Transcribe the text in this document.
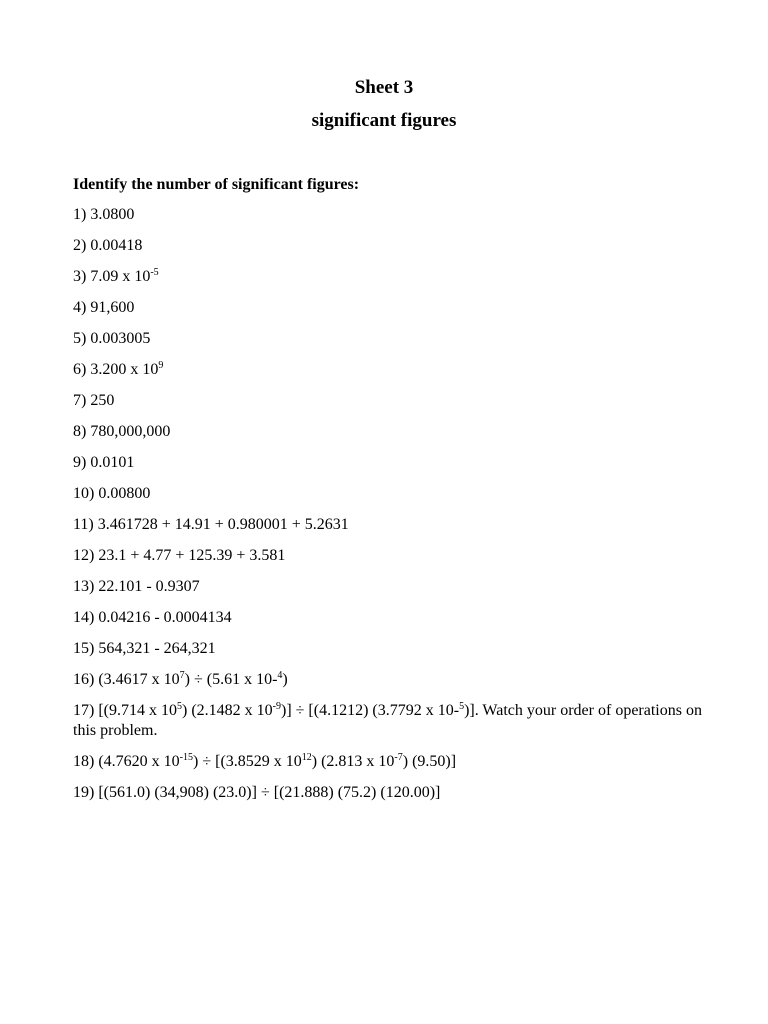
Sheet 3
significant figures
Identify the number of significant figures:
1) 3.0800
2) 0.00418
3) 7.09 x $10^{-5}$
4) 91,600
5) 0.003005
6) 3.200 x $10^9$
7) 250
8) 780,000,000
9) 0.0101
10) 0.00800
11) 3.461728 + 14.91 + 0.980001 + 5.2631
12) 23.1 + 4.77 + 125.39 + 3.581
13) 22.101 - 0.9307
14) 0.04216 - 0.0004134
15) 564,321 - 264,321
16) (3.4617 x $10^7) \div (5.61$ x 10-$^4$)
17) [(9.714 x $10^5$) (2.1482 x $10^{-9})] \div [(4.1212)$ (3.7792 x 10-$^5$)]. Watch your order of operations on this problem.
18) (4.7620 x $10^{-15}) \div [(3.8529$ x $10^{12}$) (2.813 x $10^{-7}$) (9.50)]
19) [(561.0) (34,908) (23.0)] ÷ [(21.888) (75.2) (120.00)]
